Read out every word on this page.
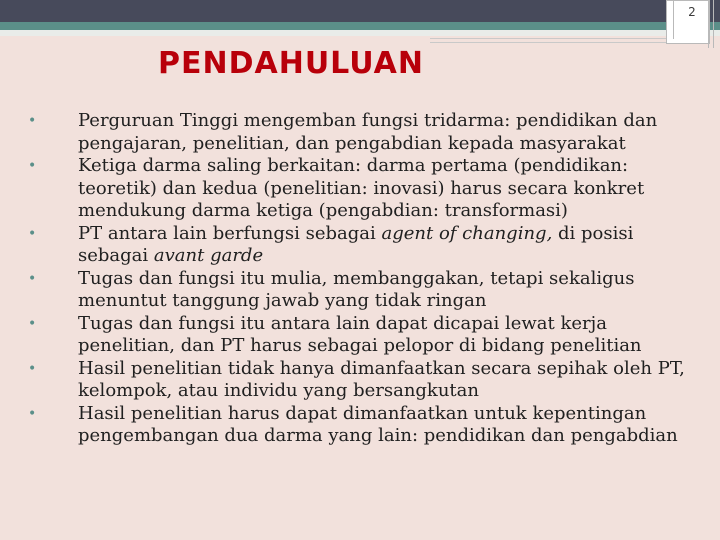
2
PENDAHULUAN
•	Perguruan Tinggi mengemban fungsi tridarma: pendidikan dan pengajaran, penelitian, dan pengabdian kepada masyarakat
•	Ketiga darma saling berkaitan: darma pertama (pendidikan: teoretik) dan kedua (penelitian: inovasi) harus secara konkret mendukung darma ketiga (pengabdian: transformasi)
•	PT antara lain berfungsi sebagai agent of changing, di posisi sebagai avant garde
•	Tugas dan fungsi itu mulia, membanggakan, tetapi sekaligus menuntut tanggung jawab yang tidak ringan
•	Tugas dan fungsi itu antara lain dapat dicapai lewat kerja penelitian, dan PT harus sebagai pelopor di bidang penelitian
•	Hasil penelitian tidak hanya dimanfaatkan secara sepihak oleh PT, kelompok, atau individu yang bersangkutan
•	Hasil penelitian harus dapat dimanfaatkan untuk kepentingan pengembangan dua darma yang lain: pendidikan dan pengabdian
